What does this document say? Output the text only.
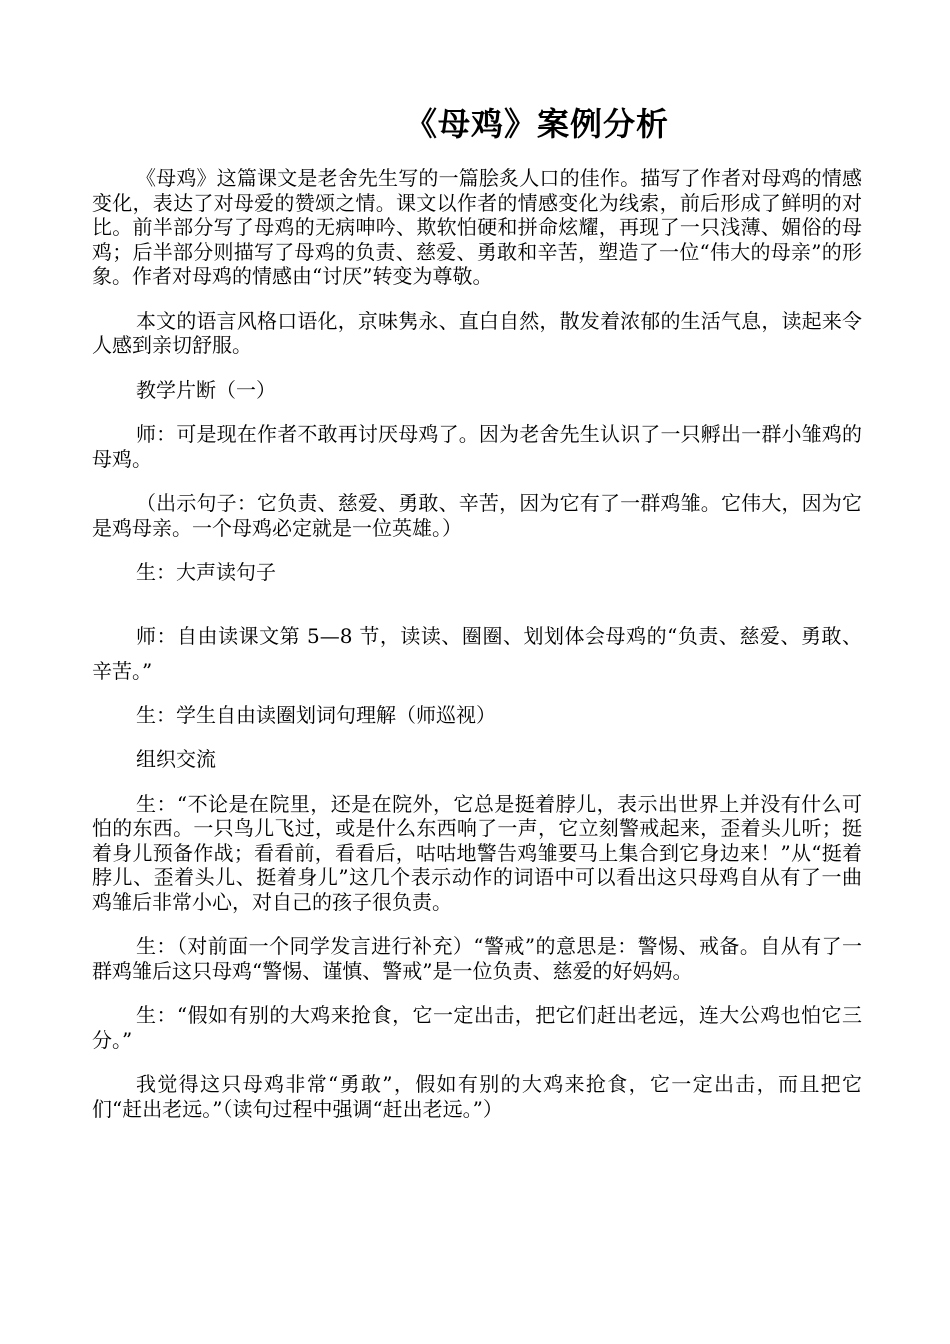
《母鸡》案例分析

《母鸡》这篇课文是老舍先生写的一篇脍炙人口的佳作。描写了作者对母鸡的情感变化，表达了对母爱的赞颂之情。课文以作者的情感变化为线索，前后形成了鲜明的对比。前半部分写了母鸡的无病呻吟、欺软怕硬和拼命炫耀，再现了一只浅薄、媚俗的母鸡；后半部分则描写了母鸡的负责、慈爱、勇敢和辛苦，塑造了一位“伟大的母亲”的形象。作者对母鸡的情感由“讨厌”转变为尊敬。

本文的语言风格口语化，京味隽永、直白自然，散发着浓郁的生活气息，读起来令人感到亲切舒服。

教学片断（一）

师：可是现在作者不敢再讨厌母鸡了。因为老舍先生认识了一只孵出一群小雏鸡的母鸡。

（出示句子：它负责、慈爱、勇敢、辛苦，因为它有了一群鸡雏。它伟大，因为它是鸡母亲。一个母鸡必定就是一位英雄。）

生：大声读句子

师：自由读课文第 5—8 节，读读、圈圈、划划体会母鸡的“负责、慈爱、勇敢、辛苦。”

生：学生自由读圈划词句理解（师巡视）

组织交流

生：“不论是在院里，还是在院外，它总是挺着脖儿，表示出世界上并没有什么可怕的东西。一只鸟儿飞过，或是什么东西响了一声，它立刻警戒起来，歪着头儿听；挺着身儿预备作战；看看前，看看后，咕咕地警告鸡雏要马上集合到它身边来！”从“挺着脖儿、歪着头儿、挺着身儿”这几个表示动作的词语中可以看出这只母鸡自从有了一曲鸡雏后非常小心，对自己的孩子很负责。

生：（对前面一个同学发言进行补充）“警戒”的意思是：警惕、戒备。自从有了一群鸡雏后这只母鸡“警惕、谨慎、警戒”是一位负责、慈爱的好妈妈。

生：“假如有别的大鸡来抢食，它一定出击，把它们赶出老远，连大公鸡也怕它三分。”

我觉得这只母鸡非常“勇敢”，假如有别的大鸡来抢食，它一定出击，而且把它们“赶出老远。”（读句过程中强调“赶出老远。”）
